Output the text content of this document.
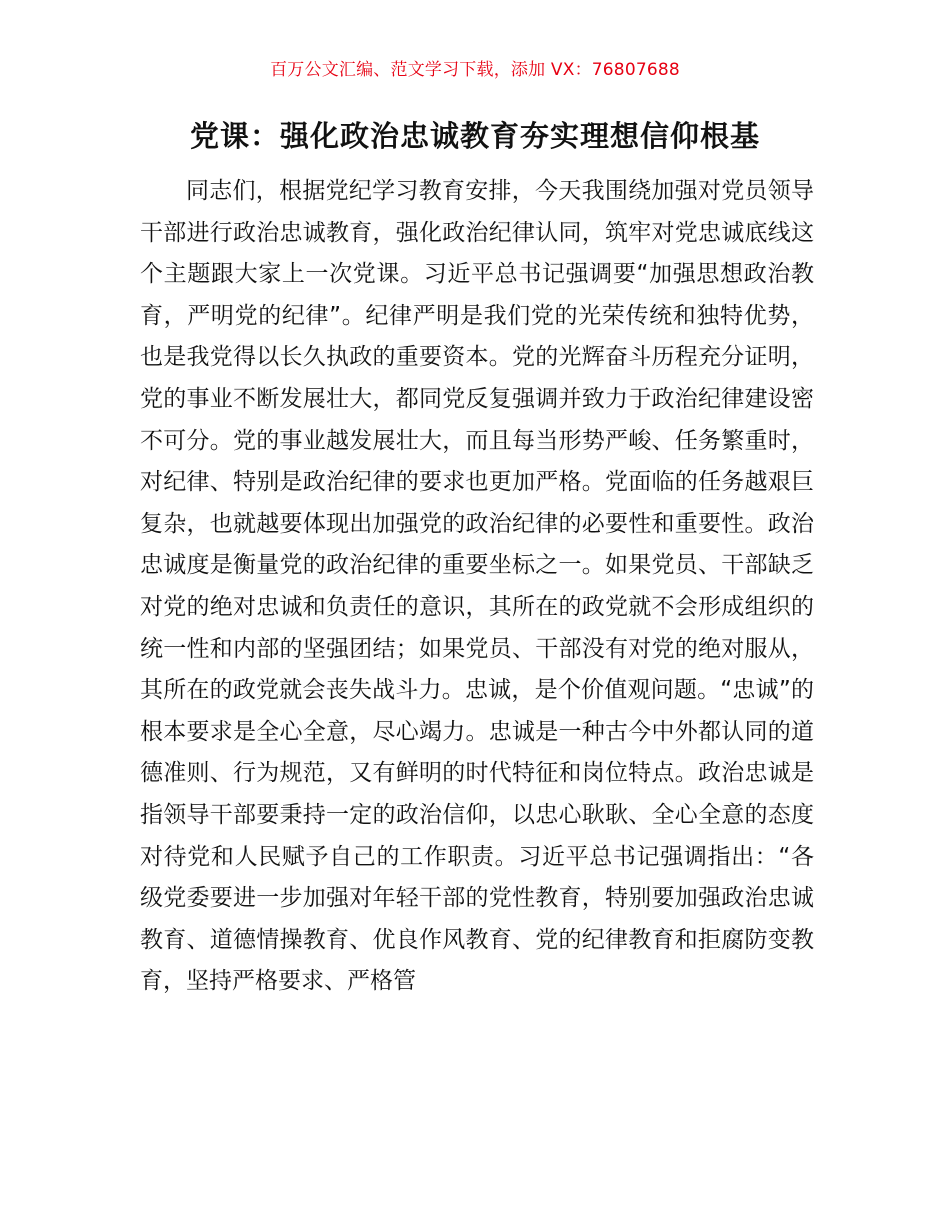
百万公文汇编、范文学习下载，添加 VX：76807688
党课：强化政治忠诚教育夯实理想信仰根基

同志们，根据党纪学习教育安排，今天我围绕加强对党员领导干部进行政治忠诚教育，强化政治纪律认同，筑牢对党忠诚底线这个主题跟大家上一次党课。习近平总书记强调要“加强思想政治教育，严明党的纪律”。纪律严明是我们党的光荣传统和独特优势，也是我党得以长久执政的重要资本。党的光辉奋斗历程充分证明，党的事业不断发展壮大，都同党反复强调并致力于政治纪律建设密不可分。党的事业越发展壮大，而且每当形势严峻、任务繁重时，对纪律、特别是政治纪律的要求也更加严格。党面临的任务越艰巨复杂，也就越要体现出加强党的政治纪律的必要性和重要性。政治忠诚度是衡量党的政治纪律的重要坐标之一。如果党员、干部缺乏对党的绝对忠诚和负责任的意识，其所在的政党就不会形成组织的统一性和内部的坚强团结；如果党员、干部没有对党的绝对服从，其所在的政党就会丧失战斗力。忠诚，是个价值观问题。“忠诚”的根本要求是全心全意，尽心竭力。忠诚是一种古今中外都认同的道德准则、行为规范，又有鲜明的时代特征和岗位特点。政治忠诚是指领导干部要秉持一定的政治信仰，以忠心耿耿、全心全意的态度对待党和人民赋予自己的工作职责。习近平总书记强调指出：“各级党委要进一步加强对年轻干部的党性教育，特别要加强政治忠诚教育、道德情操教育、优良作风教育、党的纪律教育和拒腐防变教育，坚持严格要求、严格管
